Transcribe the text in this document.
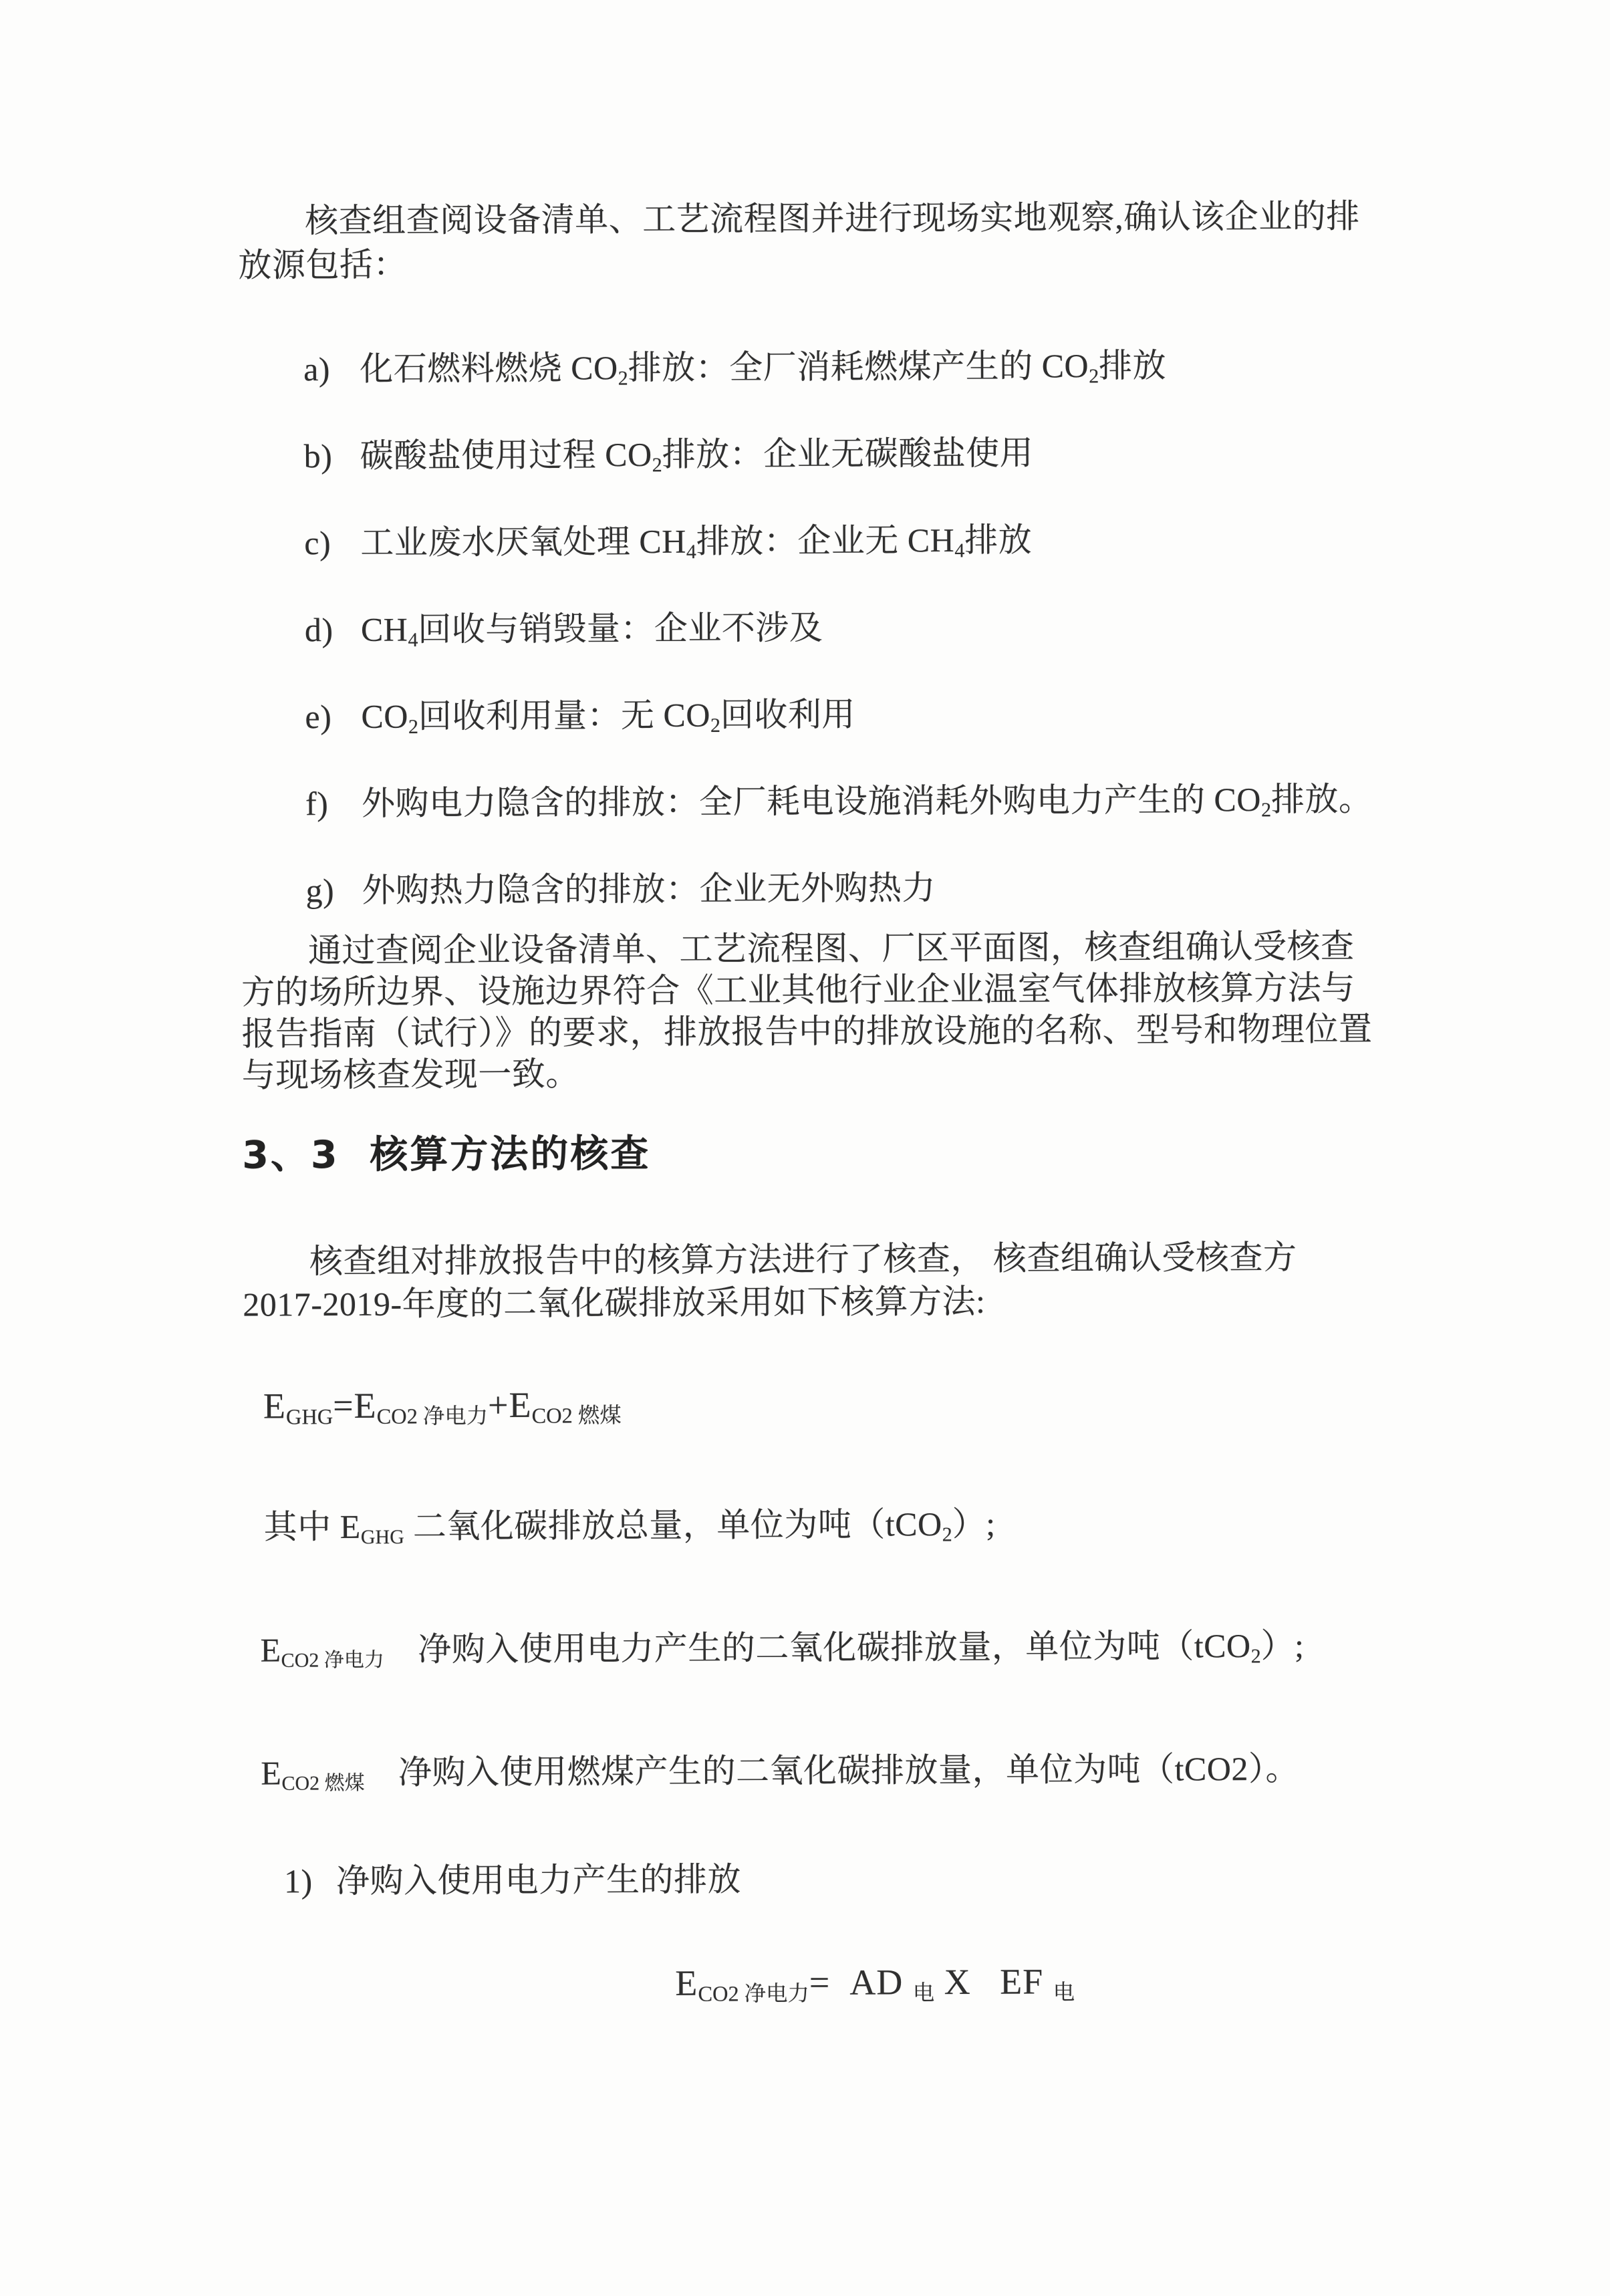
核查组查阅设备清单、工艺流程图并进行现场实地观察,确认该企业的排放源包括：

a) 化石燃料燃烧 $CO_2$排放：全厂消耗燃煤产生的 $CO_2$排放
b) 碳酸盐使用过程 $CO_2$排放：企业无碳酸盐使用
c) 工业废水厌氧处理 $CH_4$排放：企业无 $CH_4$排放
d) $CH_4$回收与销毁量：企业不涉及
e) $CO_2$回收利用量：无 $CO_2$回收利用
f) 外购电力隐含的排放：全厂耗电设施消耗外购电力产生的 $CO_2$排放。
g) 外购热力隐含的排放：企业无外购热力

通过查阅企业设备清单、工艺流程图、厂区平面图，核查组确认受核查方的场所边界、设施边界符合《工业其他行业企业温室气体排放核算方法与报告指南（试行）》的要求，排放报告中的排放设施的名称、型号和物理位置与现场核查发现一致。

3、3  核算方法的核查
核查组对排放报告中的核算方法进行了核查， 核查组确认受核查方
2017-2019-年度的二氧化碳排放采用如下核算方法:
$E_{GHG}=E_{CO2 净电力}+E_{CO2 燃煤}$
其中 $E_{GHG}$ 二氧化碳排放总量，单位为吨（tCO$_2$）;
$E_{CO2 净电力}$　净购入使用电力产生的二氧化碳排放量，单位为吨（tCO$_2$）;
$E_{CO2 燃煤}$　净购入使用燃煤产生的二氧化碳排放量，单位为吨（tCO2）。
1) 净购入使用电力产生的排放
$E_{CO2 净电力}=$  AD $_电$ X   EF $_电$
